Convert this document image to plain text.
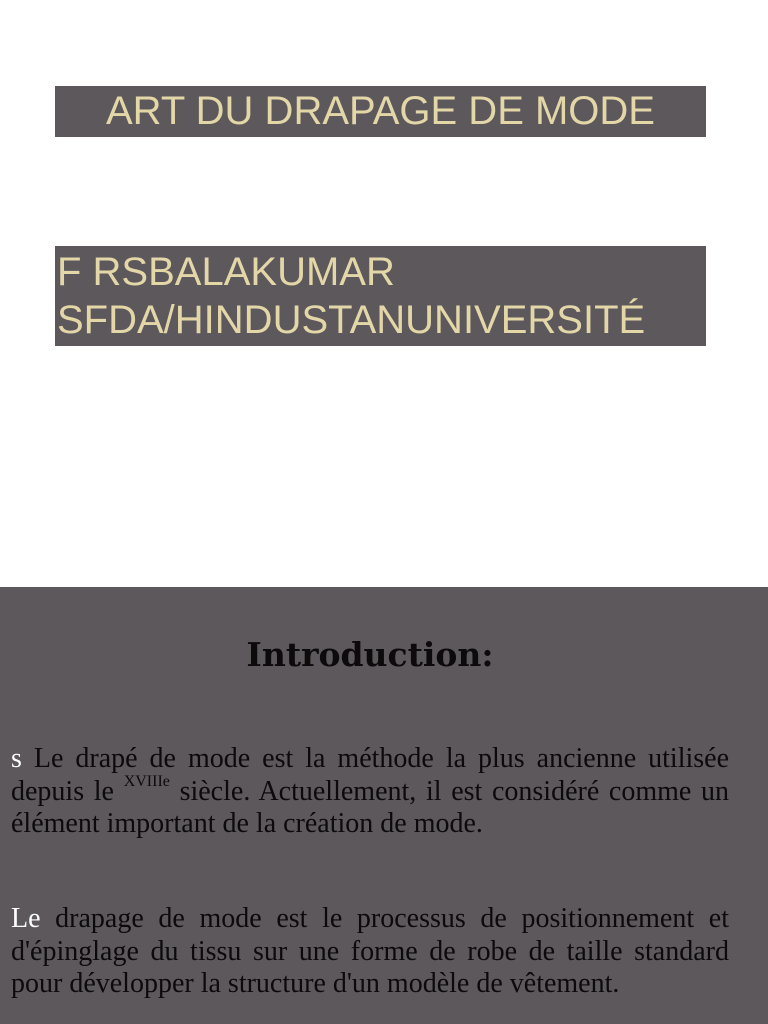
ART DU DRAPAGE DE MODE
F RSBALAKUMAR
SFDA/HINDUSTANUNIVERSITÉ
Introduction:
s Le drapé de mode est la méthode la plus ancienne utilisée depuis le $^{XVIIIe}$ siècle. Actuellement, il est considéré comme un élément important de la création de mode.
Le drapage de mode est le processus de positionnement et d'épinglage du tissu sur une forme de robe de taille standard pour développer la structure d'un modèle de vêtement.
